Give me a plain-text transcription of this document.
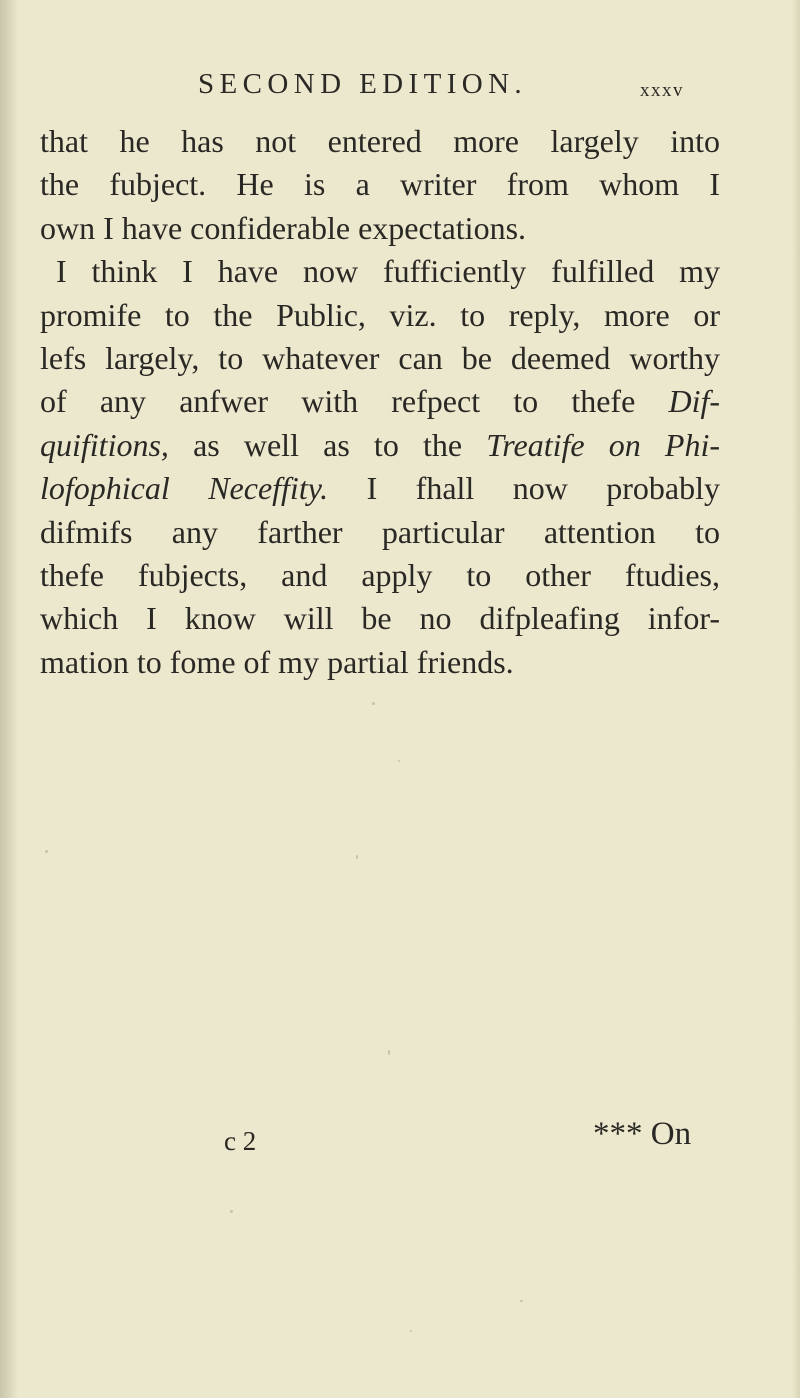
SECOND EDITION.	xxxv
that he has not entered more largely into
the fubject. He is a writer from whom I
own I have confiderable expectations.
I think I have now fufficiently fulfilled my
promife to the Public, viz. to reply, more or
lefs largely, to whatever can be deemed worthy
of any anfwer with refpect to thefe Dif-
quifitions, as well as to the Treatife on Phi-
lofophical Neceffity. I fhall now probably
difmifs any farther particular attention to
thefe fubjects, and apply to other ftudies,
which I know will be no difpleafing infor-
mation to fome of my partial friends.
c 2	*** On
